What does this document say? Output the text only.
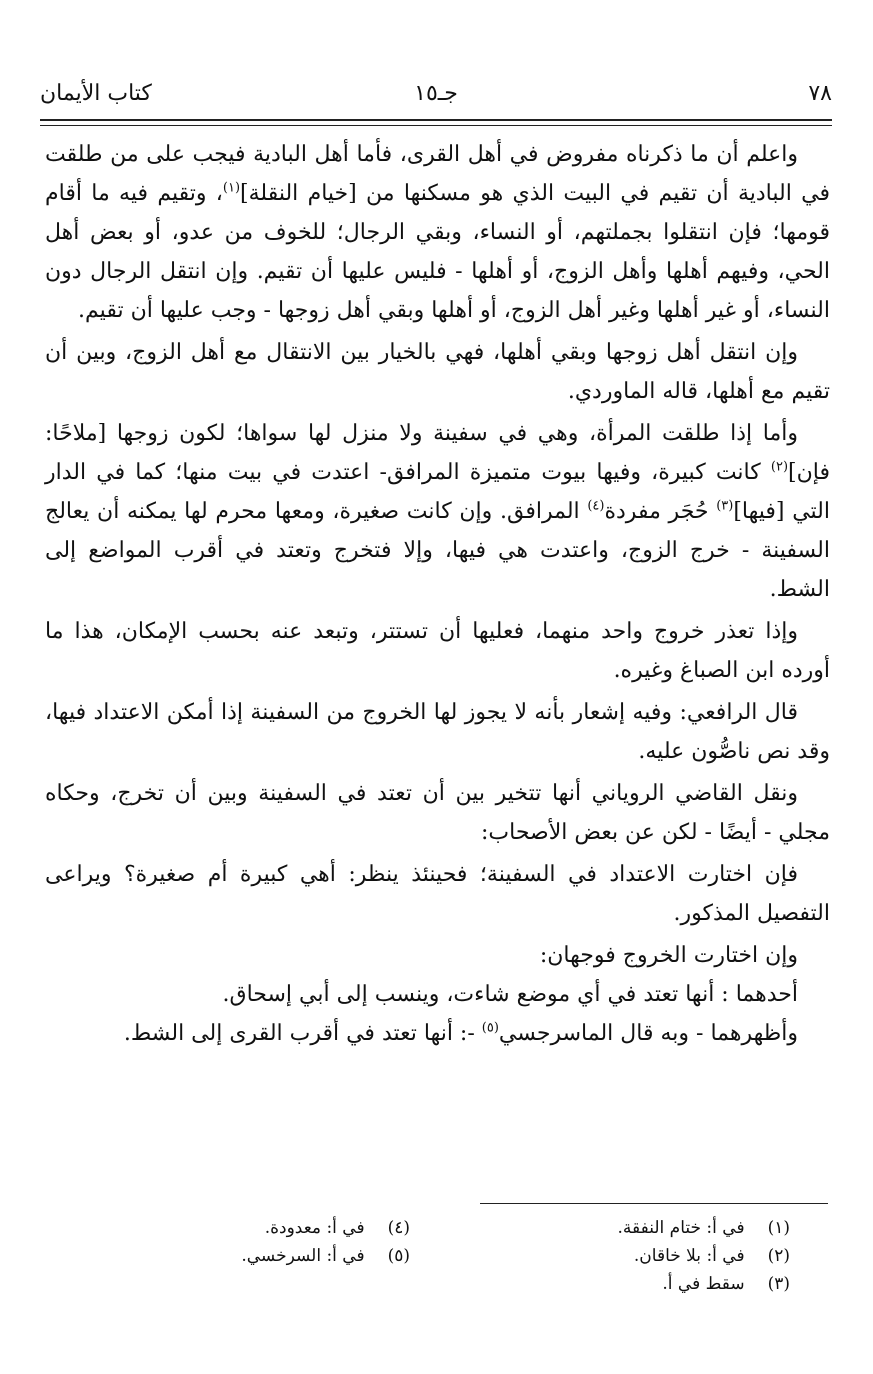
٧٨
جـ١٥
كتاب الأيمان

واعلم أن ما ذكرناه مفروض في أهل القرى، فأما أهل البادية فيجب على من طلقت في البادية أن تقيم في البيت الذي هو مسكنها من [خيام النقلة]$^{(١)}$، وتقيم فيه ما أقام قومها؛ فإن انتقلوا بجملتهم، أو النساء، وبقي الرجال؛ للخوف من عدو، أو بعض أهل الحي، وفيهم أهلها وأهل الزوج، أو أهلها - فليس عليها أن تقيم. وإن انتقل الرجال دون النساء، أو غير أهلها وغير أهل الزوج، أو أهلها وبقي أهل زوجها - وجب عليها أن تقيم.

وإن انتقل أهل زوجها وبقي أهلها، فهي بالخيار بين الانتقال مع أهل الزوج، وبين أن تقيم مع أهلها، قاله الماوردي.

وأما إذا طلقت المرأة، وهي في سفينة ولا منزل لها سواها؛ لكون زوجها [ملاحًا: فإن]$^{(٢)}$ كانت كبيرة، وفيها بيوت متميزة المرافق- اعتدت في بيت منها؛ كما في الدار التي [فيها]$^{(٣)}$ حُجَر مفردة$^{(٤)}$ المرافق. وإن كانت صغيرة، ومعها محرم لها يمكنه أن يعالج السفينة - خرج الزوج، واعتدت هي فيها، وإلا فتخرج وتعتد في أقرب المواضع إلى الشط.

وإذا تعذر خروج واحد منهما، فعليها أن تستتر، وتبعد عنه بحسب الإمكان، هذا ما أورده ابن الصباغ وغيره.

قال الرافعي: وفيه إشعار بأنه لا يجوز لها الخروج من السفينة إذا أمكن الاعتداد فيها، وقد نص ناصُّون عليه.

ونقل القاضي الروياني أنها تتخير بين أن تعتد في السفينة وبين أن تخرج، وحكاه مجلي - أيضًا - لكن عن بعض الأصحاب:

فإن اختارت الاعتداد في السفينة؛ فحينئذ ينظر: أهي كبيرة أم صغيرة؟ ويراعى التفصيل المذكور.

وإن اختارت الخروج فوجهان:

أحدهما : أنها تعتد في أي موضع شاءت، وينسب إلى أبي إسحاق.

وأظهرهما - وبه قال الماسرجسي$^{(٥)}$ -: أنها تعتد في أقرب القرى إلى الشط.

(١) في أ: ختام النفقة.
(٢) في أ: بلا خاقان.
(٣) سقط في أ.
(٤) في أ: معدودة.
(٥) في أ: السرخسي.
